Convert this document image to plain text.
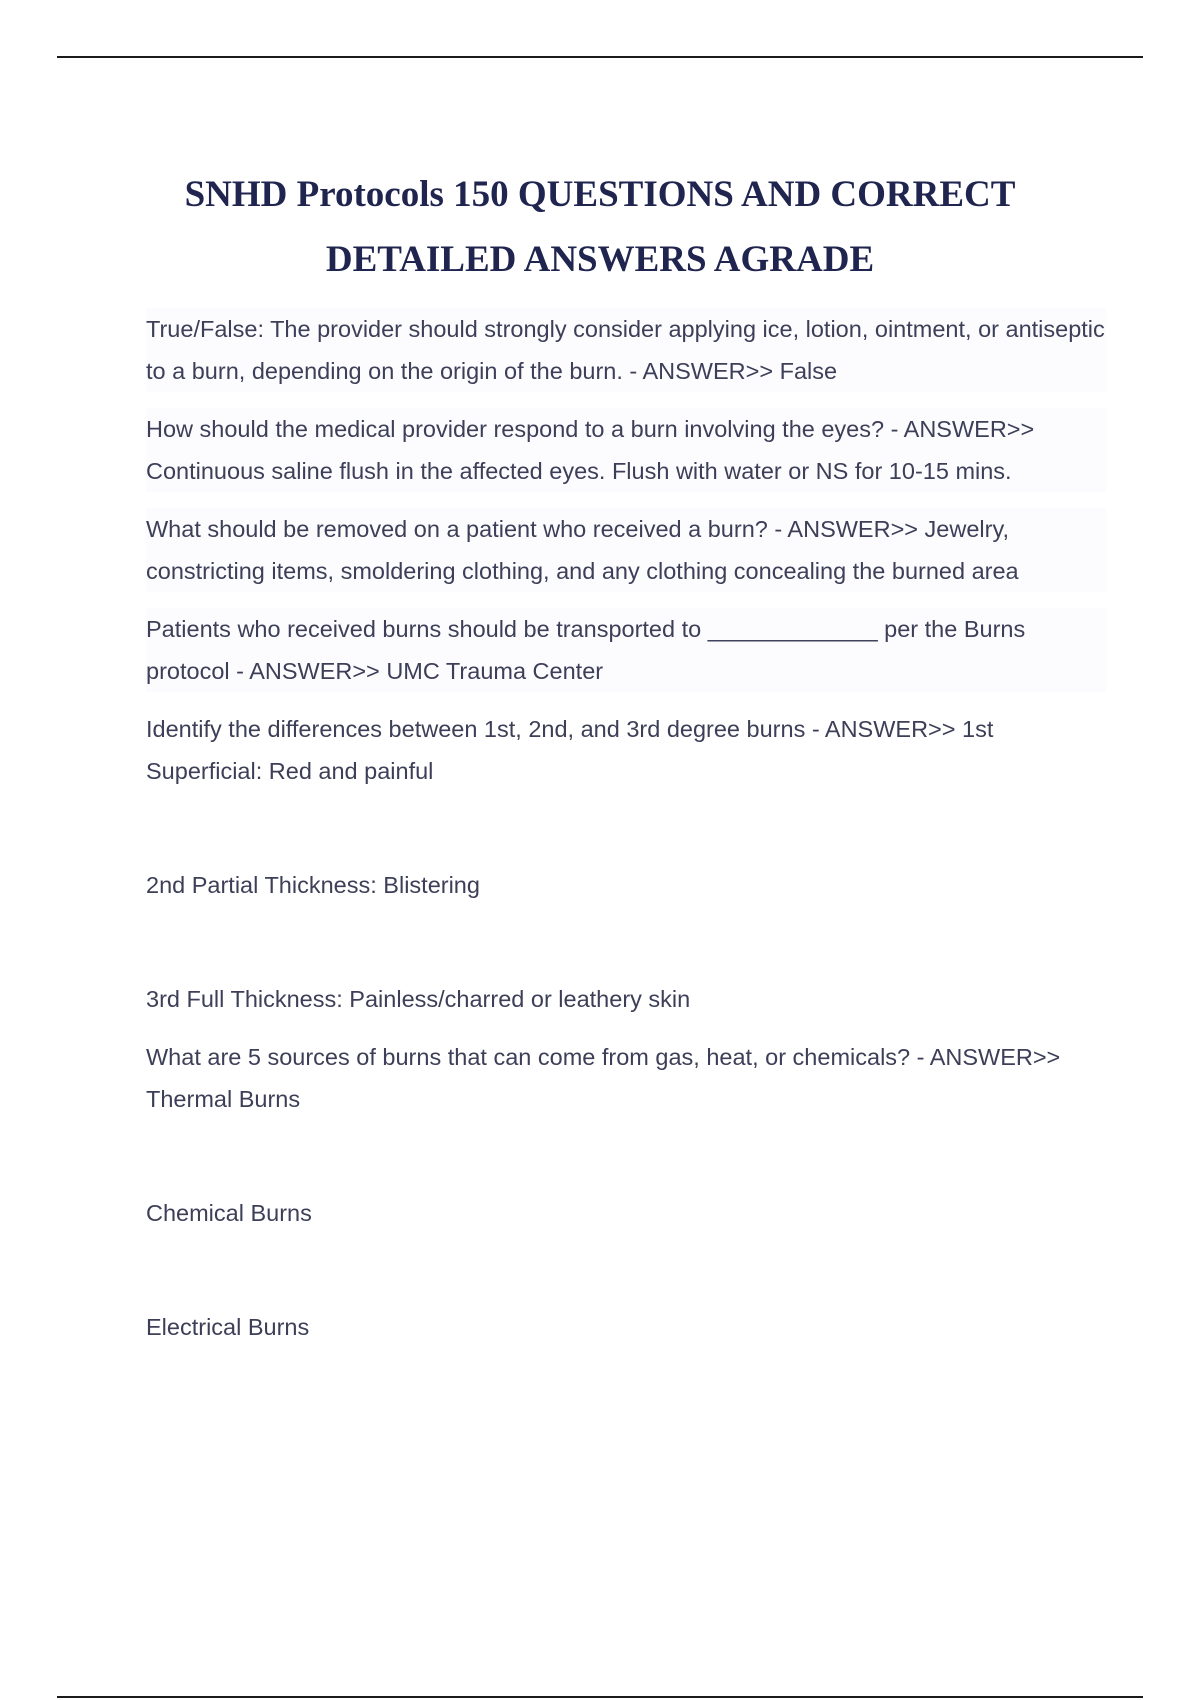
SNHD Protocols 150 QUESTIONS AND CORRECT
DETAILED ANSWERS AGRADE

True/False: The provider should strongly consider applying ice, lotion, ointment, or antiseptic to a burn, depending on the origin of the burn. - ANSWER>> False

How should the medical provider respond to a burn involving the eyes? - ANSWER>> Continuous saline flush in the affected eyes. Flush with water or NS for 10-15 mins.

What should be removed on a patient who received a burn? - ANSWER>> Jewelry, constricting items, smoldering clothing, and any clothing concealing the burned area

Patients who received burns should be transported to _____________ per the Burns protocol - ANSWER>> UMC Trauma Center

Identify the differences between 1st, 2nd, and 3rd degree burns - ANSWER>> 1st Superficial: Red and painful

2nd Partial Thickness: Blistering

3rd Full Thickness: Painless/charred or leathery skin

What are 5 sources of burns that can come from gas, heat, or chemicals? - ANSWER>> Thermal Burns

Chemical Burns

Electrical Burns
